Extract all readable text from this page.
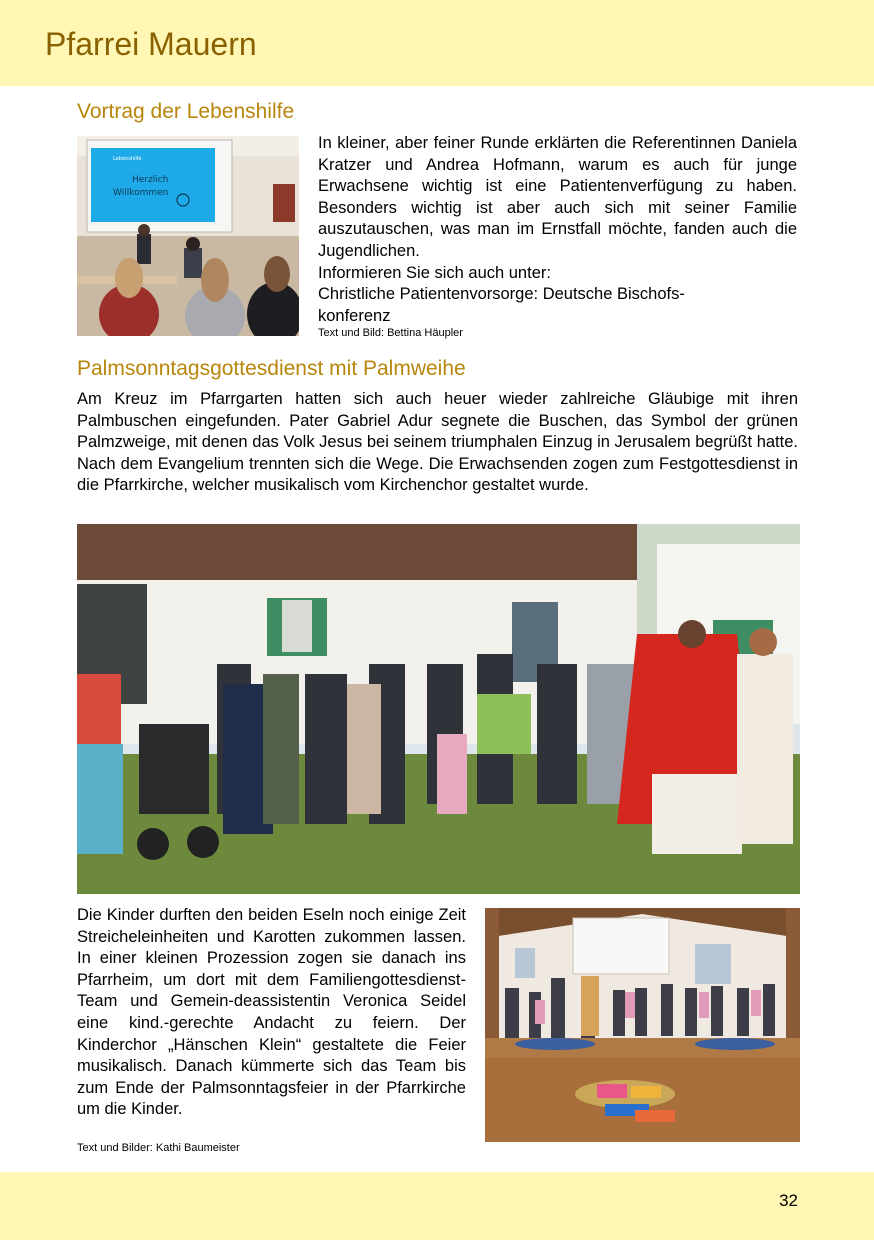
Pfarrei Mauern
Vortrag der Lebenshilfe
Lebenshilfe
Herzlich
Willkommen
In kleiner, aber feiner Runde erklärten die Referentinnen Daniela Kratzer und Andrea Hofmann, warum es auch für junge Erwachsene wichtig ist eine Patientenverfügung zu haben. Besonders wichtig ist aber auch sich mit seiner Familie auszutauschen, was man im Ernstfall möchte, fanden auch die Jugendlichen.
Informieren Sie sich auch unter:
Christliche Patientenvorsorge: Deutsche Bischofs-
konferenz
Text und Bild: Bettina Häupler
Palmsonntagsgottesdienst mit Palmweihe
Am Kreuz im Pfarrgarten hatten sich auch heuer wieder zahlreiche Gläubige mit ihren Palmbuschen eingefunden. Pater Gabriel Adur segnete die Buschen, das Symbol der grünen Palmzweige, mit denen das Volk Jesus bei seinem triumphalen Einzug in Jerusalem begrüßt hatte. Nach dem Evangelium trennten sich die Wege. Die Erwachsenden zogen zum Festgottesdienst in die Pfarrkirche, welcher musikalisch vom Kirchenchor gestaltet wurde.
Die Kinder durften den beiden Eseln noch einige Zeit Streicheleinheiten und Karotten zukommen lassen. In einer kleinen Prozession zogen sie danach ins Pfarrheim, um dort mit dem Familiengottesdienst-Team und Gemein-deassistentin Veronica Seidel eine kind.-gerechte Andacht zu feiern. Der Kinderchor „Hänschen Klein“ gestaltete die Feier musikalisch. Danach kümmerte sich das Team bis zum Ende der Palmsonntagsfeier in der Pfarrkirche um die Kinder.
Text und Bilder: Kathi Baumeister
32
